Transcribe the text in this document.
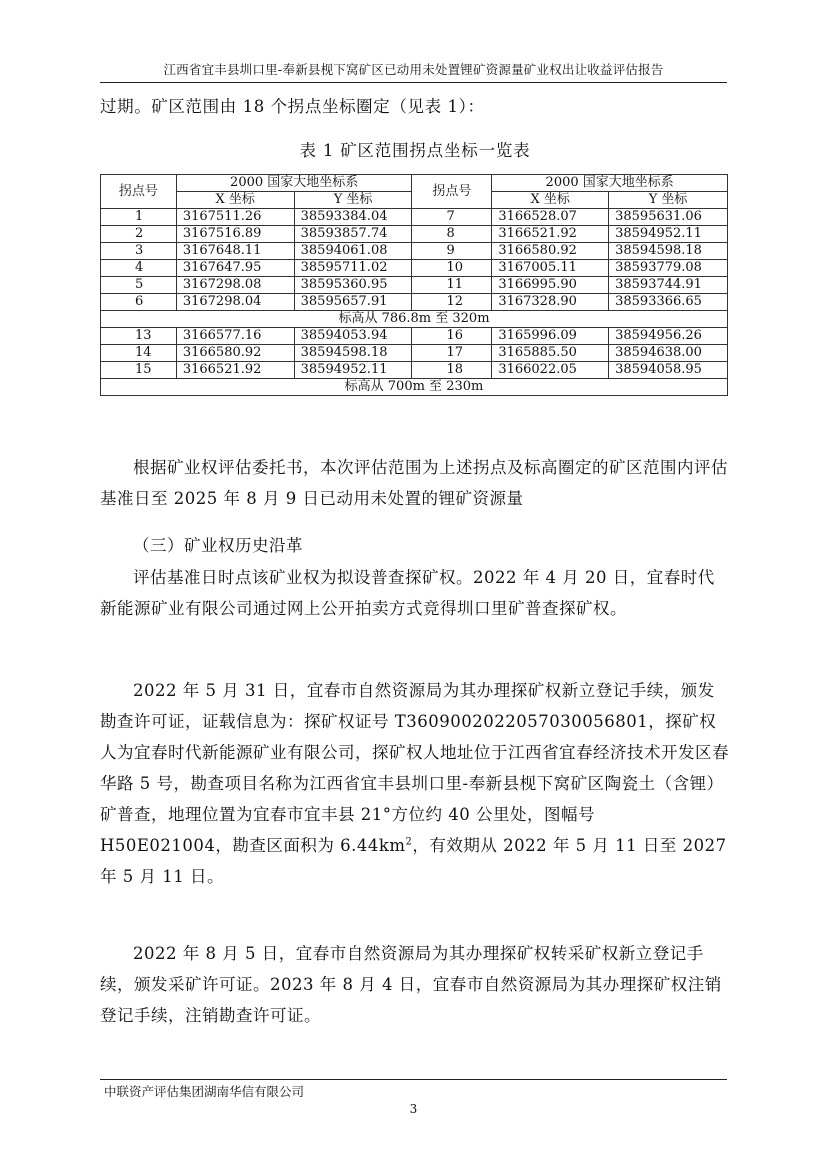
江西省宜丰县圳口里-奉新县枧下窝矿区已动用未处置锂矿资源量矿业权出让收益评估报告
过期。矿区范围由 18 个拐点坐标圈定（见表 1）：
表 1 矿区范围拐点坐标一览表
拐点号	2000 国家大地坐标系		拐点号	2000 国家大地坐标系	
	X 坐标	Y 坐标		X 坐标	Y 坐标
1	3167511.26	38593384.04	7	3166528.07	38595631.06
2	3167516.89	38593857.74	8	3166521.92	38594952.11
3	3167648.11	38594061.08	9	3166580.92	38594598.18
4	3167647.95	38595711.02	10	3167005.11	38593779.08
5	3167298.08	38595360.95	11	3166995.90	38593744.91
6	3167298.04	38595657.91	12	3167328.90	38593366.65
标高从 786.8m 至 320m					
13	3166577.16	38594053.94	16	3165996.09	38594956.26
14	3166580.92	38594598.18	17	3165885.50	38594638.00
15	3166521.92	38594952.11	18	3166022.05	38594058.95
标高从 700m 至 230m					
根据矿业权评估委托书，本次评估范围为上述拐点及标高圈定的矿区范围内评估基准日至 2025 年 8 月 9 日已动用未处置的锂矿资源量
（三）矿业权历史沿革
评估基准日时点该矿业权为拟设普查探矿权。2022 年 4 月 20 日，宜春时代新能源矿业有限公司通过网上公开拍卖方式竞得圳口里矿普查探矿权。
2022 年 5 月 31 日，宜春市自然资源局为其办理探矿权新立登记手续，颁发勘查许可证，证载信息为：探矿权证号 T36090020220570300568​01，探矿权人为宜春时代新能源矿业有限公司，探矿权人地址位于江西省宜春经济技术开发区春华路 5 号，勘查项目名称为江西省宜丰县圳口里-奉新县枧下窝矿区陶瓷土（含锂）矿普查，地理位置为宜春市宜丰县 21°方位约 40 公里处，图幅号 H50E021004，勘查区面积为 $6.44km^2$，有效期从 2022 年 5 月 11 日至 2027 年 5 月 11 日。
2022 年 8 月 5 日，宜春市自然资源局为其办理探矿权转采矿权新立登记手续，颁发采矿许可证。2023 年 8 月 4 日，宜春市自然资源局为其办理探矿权注销登记手续，注销勘查许可证。
中联资产评估集团湖南华信有限公司
3
